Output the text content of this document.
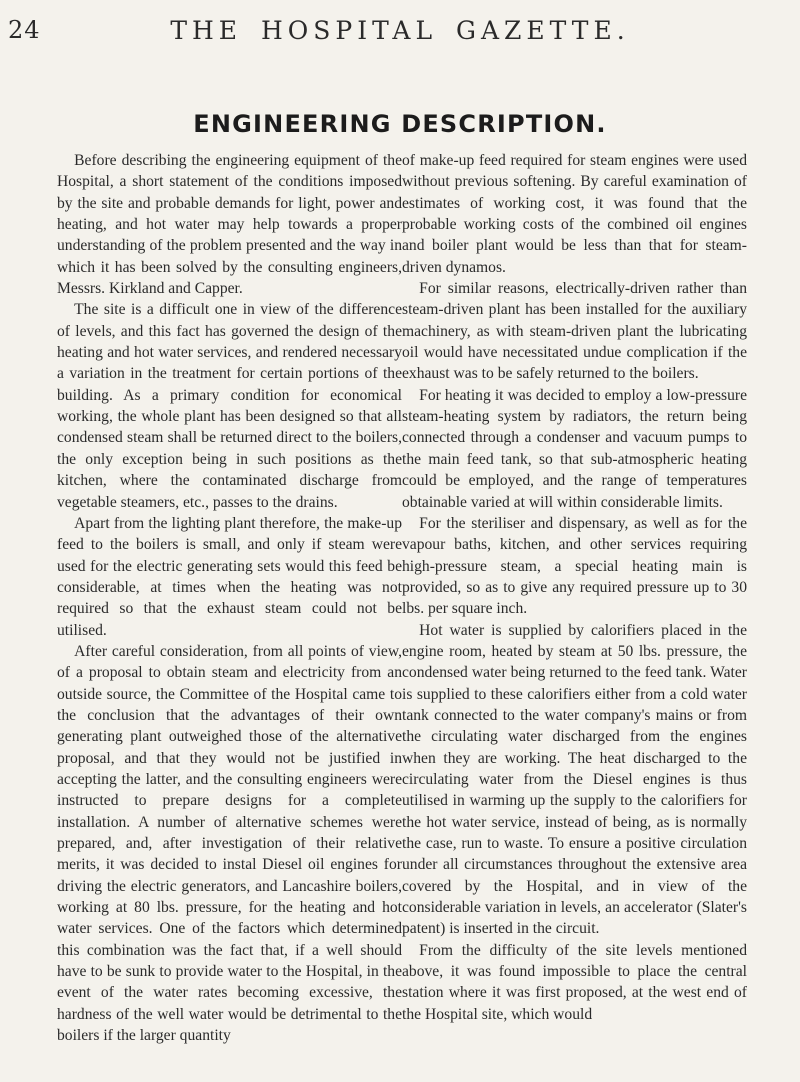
24	THE HOSPITAL GAZETTE.
ENGINEERING DESCRIPTION.

Before describing the engineering equipment of the Hospital, a short statement of the conditions imposed by the site and probable demands for light, power and heating, and hot water may help towards a proper understanding of the problem presented and the way in which it has been solved by the consulting engineers, Messrs. Kirkland and Capper.

The site is a difficult one in view of the difference of levels, and this fact has governed the design of the heating and hot water services, and rendered necessary a variation in the treatment for certain portions of the building. As a primary condition for economical working, the whole plant has been designed so that all condensed steam shall be returned direct to the boilers, the only exception being in such positions as the kitchen, where the contaminated discharge from vegetable steamers, etc., passes to the drains.

Apart from the lighting plant therefore, the make-up feed to the boilers is small, and only if steam were used for the electric generating sets would this feed be considerable, at times when the heating was not required so that the exhaust steam could not be utilised.

After careful consideration, from all points of view, of a proposal to obtain steam and electricity from an outside source, the Committee of the Hospital came to the conclusion that the advantages of their own generating plant outweighed those of the alternative proposal, and that they would not be justified in accepting the latter, and the consulting engineers were instructed to prepare designs for a complete installation. A number of alternative schemes were prepared, and, after investigation of their relative merits, it was decided to instal Diesel oil engines for driving the electric generators, and Lancashire boilers, working at 80 lbs. pressure, for the heating and hot water services. One of the factors which determined this combination was the fact that, if a well should have to be sunk to provide water to the Hospital, in the event of the water rates becoming excessive, the hardness of the well water would be detrimental to the boilers if the larger quantity

of make-up feed required for steam engines were used without previous softening. By careful examination of estimates of working cost, it was found that the probable working costs of the combined oil engines and boiler plant would be less than that for steam-driven dynamos.

For similar reasons, electrically-driven rather than steam-driven plant has been installed for the auxiliary machinery, as with steam-driven plant the lubricating oil would have necessitated undue complication if the exhaust was to be safely returned to the boilers.

For heating it was decided to employ a low-pressure steam-heating system by radiators, the return being connected through a condenser and vacuum pumps to the main feed tank, so that sub-atmospheric heating could be employed, and the range of temperatures obtainable varied at will within considerable limits.

For the steriliser and dispensary, as well as for the vapour baths, kitchen, and other services requiring high-pressure steam, a special heating main is provided, so as to give any required pressure up to 30 lbs. per square inch.

Hot water is supplied by calorifiers placed in the engine room, heated by steam at 50 lbs. pressure, the condensed water being returned to the feed tank. Water is supplied to these calorifiers either from a cold water tank connected to the water company's mains or from the circulating water discharged from the engines when they are working. The heat discharged to the circulating water from the Diesel engines is thus utilised in warming up the supply to the calorifiers for the hot water service, instead of being, as is normally the case, run to waste. To ensure a positive circulation under all circumstances throughout the extensive area covered by the Hospital, and in view of the considerable variation in levels, an accelerator (Slater's patent) is inserted in the circuit.

From the difficulty of the site levels mentioned above, it was found impossible to place the central station where it was first proposed, at the west end of the Hospital site, which would
